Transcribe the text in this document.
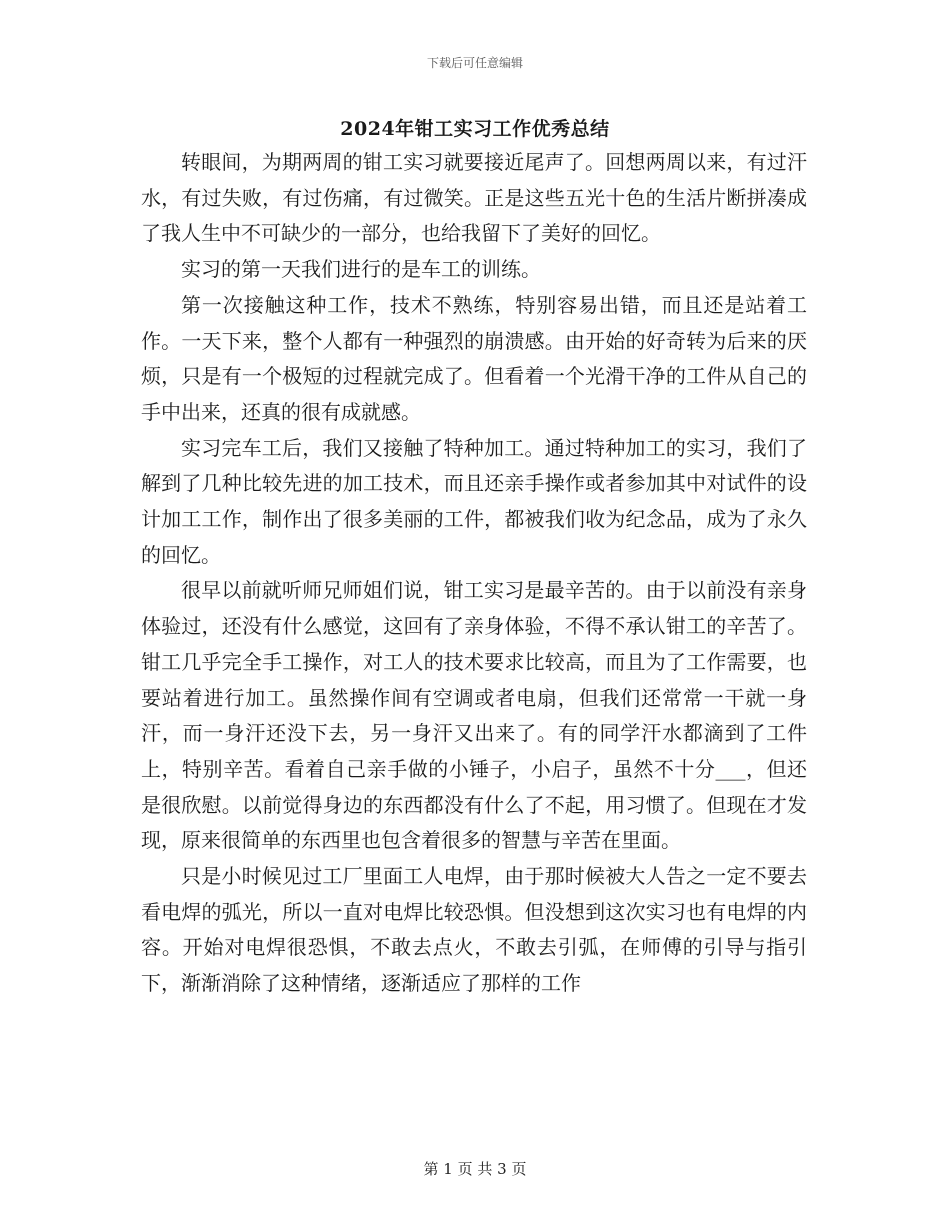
下载后可任意编辑
2024年钳工实习工作优秀总结

转眼间，为期两周的钳工实习就要接近尾声了。回想两周以来，有过汗水，有过失败，有过伤痛，有过微笑。正是这些五光十色的生活片断拼凑成了我人生中不可缺少的一部分，也给我留下了美好的回忆。

实习的第一天我们进行的是车工的训练。

第一次接触这种工作，技术不熟练，特别容易出错，而且还是站着工作。一天下来，整个人都有一种强烈的崩溃感。由开始的好奇转为后来的厌烦，只是有一个极短的过程就完成了。但看着一个光滑干净的工件从自己的手中出来，还真的很有成就感。

实习完车工后，我们又接触了特种加工。通过特种加工的实习，我们了解到了几种比较先进的加工技术，而且还亲手操作或者参加其中对试件的设计加工工作，制作出了很多美丽的工件，都被我们收为纪念品，成为了永久的回忆。

很早以前就听师兄师姐们说，钳工实习是最辛苦的。由于以前没有亲身体验过，还没有什么感觉，这回有了亲身体验，不得不承认钳工的辛苦了。钳工几乎完全手工操作，对工人的技术要求比较高，而且为了工作需要，也要站着进行加工。虽然操作间有空调或者电扇，但我们还常常一干就一身汗，而一身汗还没下去，另一身汗又出来了。有的同学汗水都滴到了工件上，特别辛苦。看着自己亲手做的小锤子，小启子，虽然不十分___，但还是很欣慰。以前觉得身边的东西都没有什么了不起，用习惯了。但现在才发现，原来很简单的东西里也包含着很多的智慧与辛苦在里面。

只是小时候见过工厂里面工人电焊，由于那时候被大人告之一定不要去看电焊的弧光，所以一直对电焊比较恐惧。但没想到这次实习也有电焊的内容。开始对电焊很恐惧，不敢去点火，不敢去引弧，在师傅的引导与指引下，渐渐消除了这种情绪，逐渐适应了那样的工作

第 1 页 共 3 页
